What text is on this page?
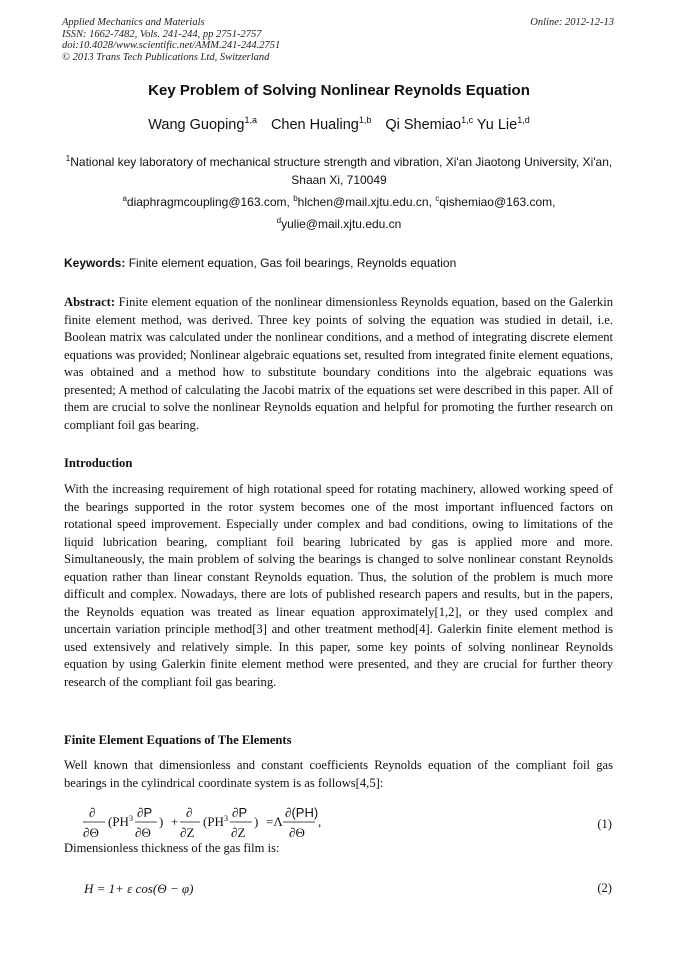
Applied Mechanics and Materials
ISSN: 1662-7482, Vols. 241-244, pp 2751-2757
doi:10.4028/www.scientific.net/AMM.241-244.2751
© 2013 Trans Tech Publications Ltd, Switzerland
Online: 2012-12-13
Key Problem of Solving Nonlinear Reynolds Equation
Wang Guoping$^{1,a}$ Chen Hualing$^{1,b}$ Qi Shemiao$^{1,c}$ Yu Lie$^{1,d}$
$^1$National key laboratory of mechanical structure strength and vibration, Xi'an Jiaotong University, Xi'an, Shaan Xi, 710049
$^a$diaphragmcoupling@163.com, $^b$hlchen@mail.xjtu.edu.cn, $^c$qishemiao@163.com,
$^d$yulie@mail.xjtu.edu.cn
Keywords: Finite element equation, Gas foil bearings, Reynolds equation
Abstract: Finite element equation of the nonlinear dimensionless Reynolds equation, based on the Galerkin finite element method, was derived. Three key points of solving the equation was studied in detail, i.e. Boolean matrix was calculated under the nonlinear conditions, and a method of integrating discrete element equations was provided; Nonlinear algebraic equations set, resulted from integrated finite element equations, was obtained and a method how to substitute boundary conditions into the algebraic equations was presented; A method of calculating the Jacobi matrix of the equations set were described in this paper. All of them are crucial to solve the nonlinear Reynolds equation and helpful for promoting the further research on compliant foil gas bearing.
Introduction
With the increasing requirement of high rotational speed for rotating machinery, allowed working speed of the bearings supported in the rotor system becomes one of the most important influenced factors on rotational speed improvement. Especially under complex and bad conditions, owing to limitations of the liquid lubrication bearing, compliant foil bearing lubricated by gas is applied more and more. Simultaneously, the main problem of solving the bearings is changed to solve nonlinear constant Reynolds equation rather than linear constant Reynolds equation. Thus, the solution of the problem is much more difficult and complex. Nowadays, there are lots of published research papers and results, but in the papers, the Reynolds equation was treated as linear equation approximately[1,2], or they used complex and uncertain variation principle method[3] and other treatment method[4]. Galerkin finite element method is used extensively and relatively simple. In this paper, some key points of solving nonlinear Reynolds equation by using Galerkin finite element method were presented, and they are crucial for further theory research of the compliant foil gas bearing.
Finite Element Equations of The Elements
Well known that dimensionless and constant coefficients Reynolds equation of the compliant foil gas bearings in the cylindrical coordinate system is as follows[4,5]:
∂
∂Θ
($PH^3$ ∂P
∂Θ
) +
∂
∂Z
($PH^3$ ∂P
∂Z
) =Λ
∂(PH)
∂Θ
,	(1)
Dimensionless thickness of the gas film is:
H = 1+ ε cos(Θ − φ)	(2)
